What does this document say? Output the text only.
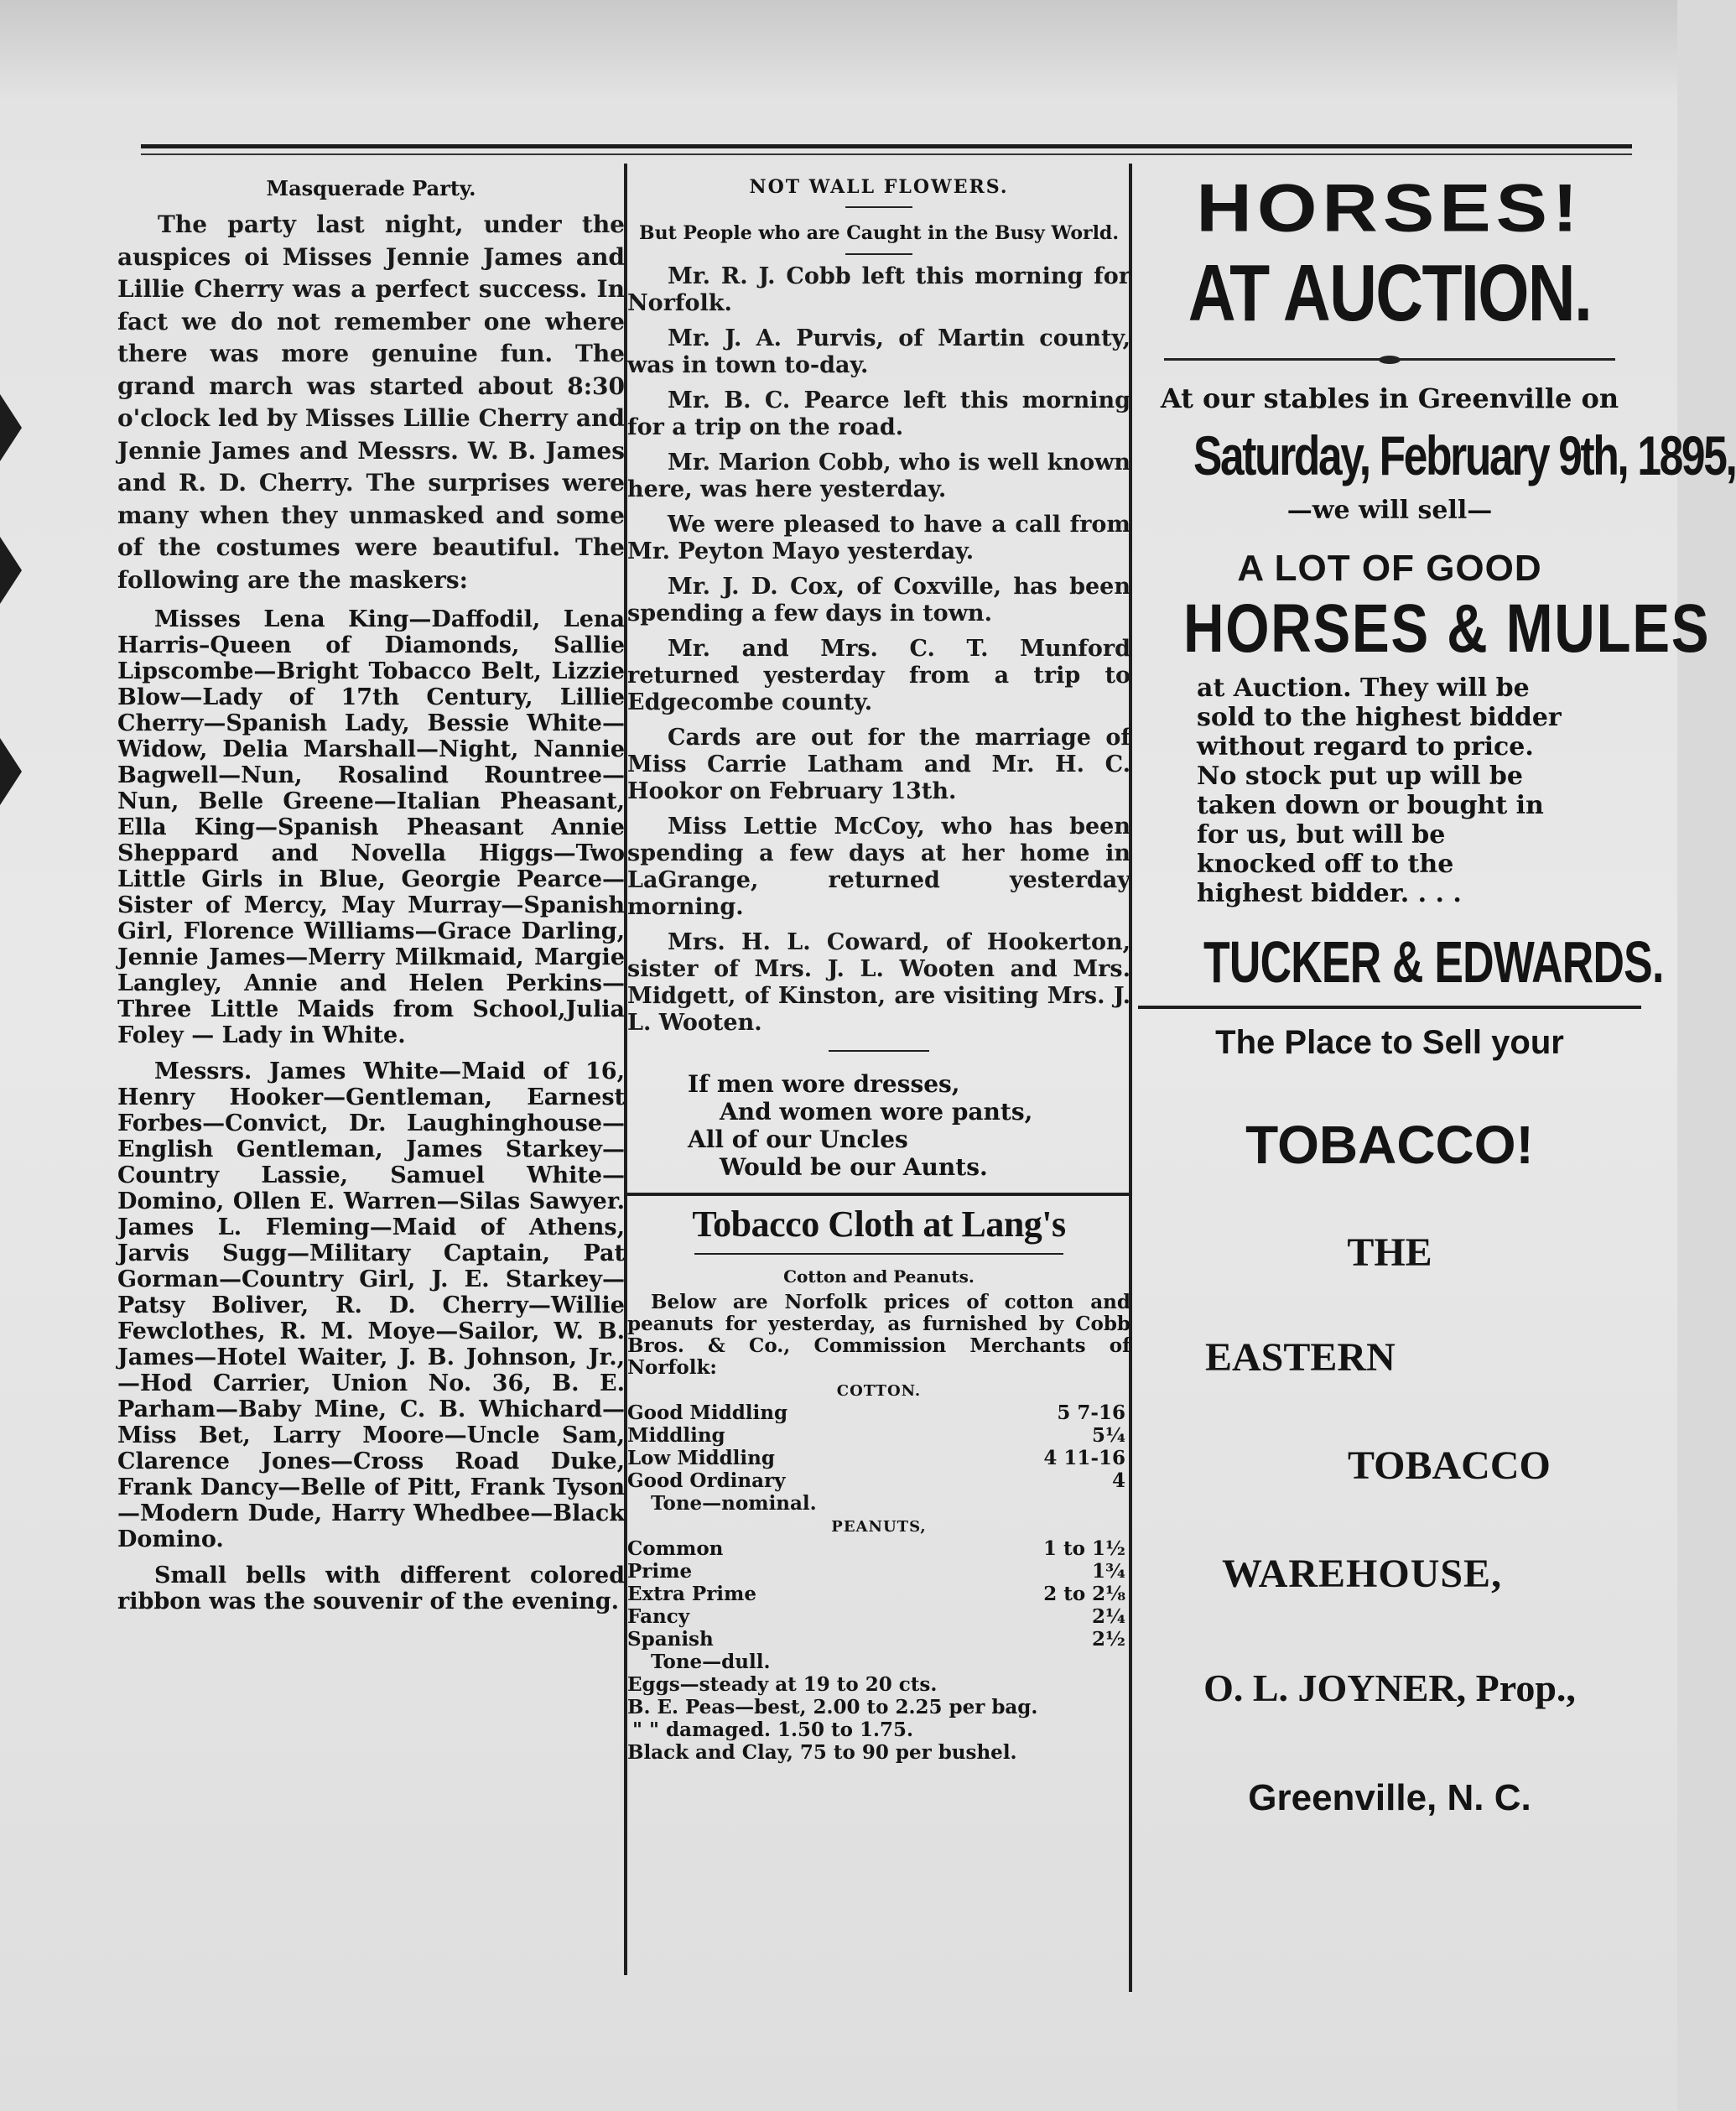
Masquerade Party.

The party last night, under the auspices oi Misses Jennie James and Lillie Cherry was a perfect success. In fact we do not remember one where there was more genuine fun. The grand march was started about 8:30 o'clock led by Misses Lillie Cherry and Jennie James and Messrs. W. B. James and R. D. Cherry. The surprises were many when they unmasked and some of the costumes were beautiful. The following are the maskers:

Misses Lena King—Daffodil, Lena Harris–Queen of Diamonds, Sallie Lipscombe—Bright Tobacco Belt, Lizzie Blow—Lady of 17th Century, Lillie Cherry—Spanish Lady, Bessie White—Widow, Delia Marshall—Night, Nannie Bagwell—Nun, Rosalind Rountree—Nun, Belle Greene—Italian Pheasant, Ella King—Spanish Pheasant Annie Sheppard and Novella Higgs—Two Little Girls in Blue, Georgie Pearce—Sister of Mercy, May Murray—Spanish Girl, Florence Williams—Grace Darling, Jennie James—Merry Milkmaid, Margie Langley, Annie and Helen Perkins—Three Little Maids from School,Julia Foley — Lady in White.

Messrs. James White—Maid of 16, Henry Hooker—Gentleman, Earnest Forbes—Convict, Dr. Laughinghouse—English Gentleman, James Starkey—Country Lassie, Samuel White—Domino, Ollen E. Warren—Silas Sawyer. James L. Fleming—Maid of Athens, Jarvis Sugg—Military Captain, Pat Gorman—Country Girl, J. E. Starkey—Patsy Boliver, R. D. Cherry—Willie Fewclothes, R. M. Moye—Sailor, W. B. James—Hotel Waiter, J. B. Johnson, Jr., —Hod Carrier, Union No. 36, B. E. Parham—Baby Mine, C. B. Whichard—Miss Bet, Larry Moore—Uncle Sam, Clarence Jones—Cross Road Duke, Frank Dancy—Belle of Pitt, Frank Tyson—Modern Dude, Harry Whedbee—Black Domino.

Small bells with different colored ribbon was the souvenir of the evening.

NOT WALL FLOWERS.
But People who are Caught in the Busy World.

Mr. R. J. Cobb left this morning for Norfolk.

Mr. J. A. Purvis, of Martin county, was in town to-day.

Mr. B. C. Pearce left this morning for a trip on the road.

Mr. Marion Cobb, who is well known here, was here yesterday.

We were pleased to have a call from Mr. Peyton Mayo yesterday.

Mr. J. D. Cox, of Coxville, has been spending a few days in town.

Mr. and Mrs. C. T. Munford returned yesterday from a trip to Edgecombe county.

Cards are out for the marriage of Miss Carrie Latham and Mr. H. C. Hookor on February 13th.

Miss Lettie McCoy, who has been spending a few days at her home in LaGrange, returned yesterday morning.

Mrs. H. L. Coward, of Hookerton, sister of Mrs. J. L. Wooten and Mrs. Midgett, of Kinston, are visiting Mrs. J. L. Wooten.

If men wore dresses,
And women wore pants,
All of our Uncles
Would be our Aunts.
Tobacco Cloth at Lang's
Cotton and Peanuts.

Below are Norfolk prices of cotton and peanuts for yesterday, as furnished by Cobb Bros. & Co., Commission Merchants of Norfolk:

COTTON.
Good Middling	5 7-16
Middling	5¼
Low Middling	4 11-16
Good Ordinary	4
Tone—nominal.
PEANUTS,
Common	1 to 1½
Prime	1¾
Extra Prime	2 to 2⅛
Fancy	2¼
Spanish	2½
Tone—dull.
Eggs—steady at 19 to 20 cts.
B. E. Peas—best, 2.00 to 2.25 per bag.
" " damaged. 1.50 to 1.75.
Black and Clay, 75 to 90 per bushel.
HORSES!
AT AUCTION.
At our stables in Greenville on
Saturday, February 9th, 1895,
—we will sell—
A LOT OF GOOD
HORSES & MULES
at Auction. They will be sold to the highest bidder without regard to price. No stock put up will be taken down or bought in for us, but will be knocked off to the highest bidder. . . .
TUCKER & EDWARDS.
The Place to Sell your
TOBACCO!
THE
EASTERN
TOBACCO
WAREHOUSE,
O. L. JOYNER, Prop.,
Greenville, N. C.
